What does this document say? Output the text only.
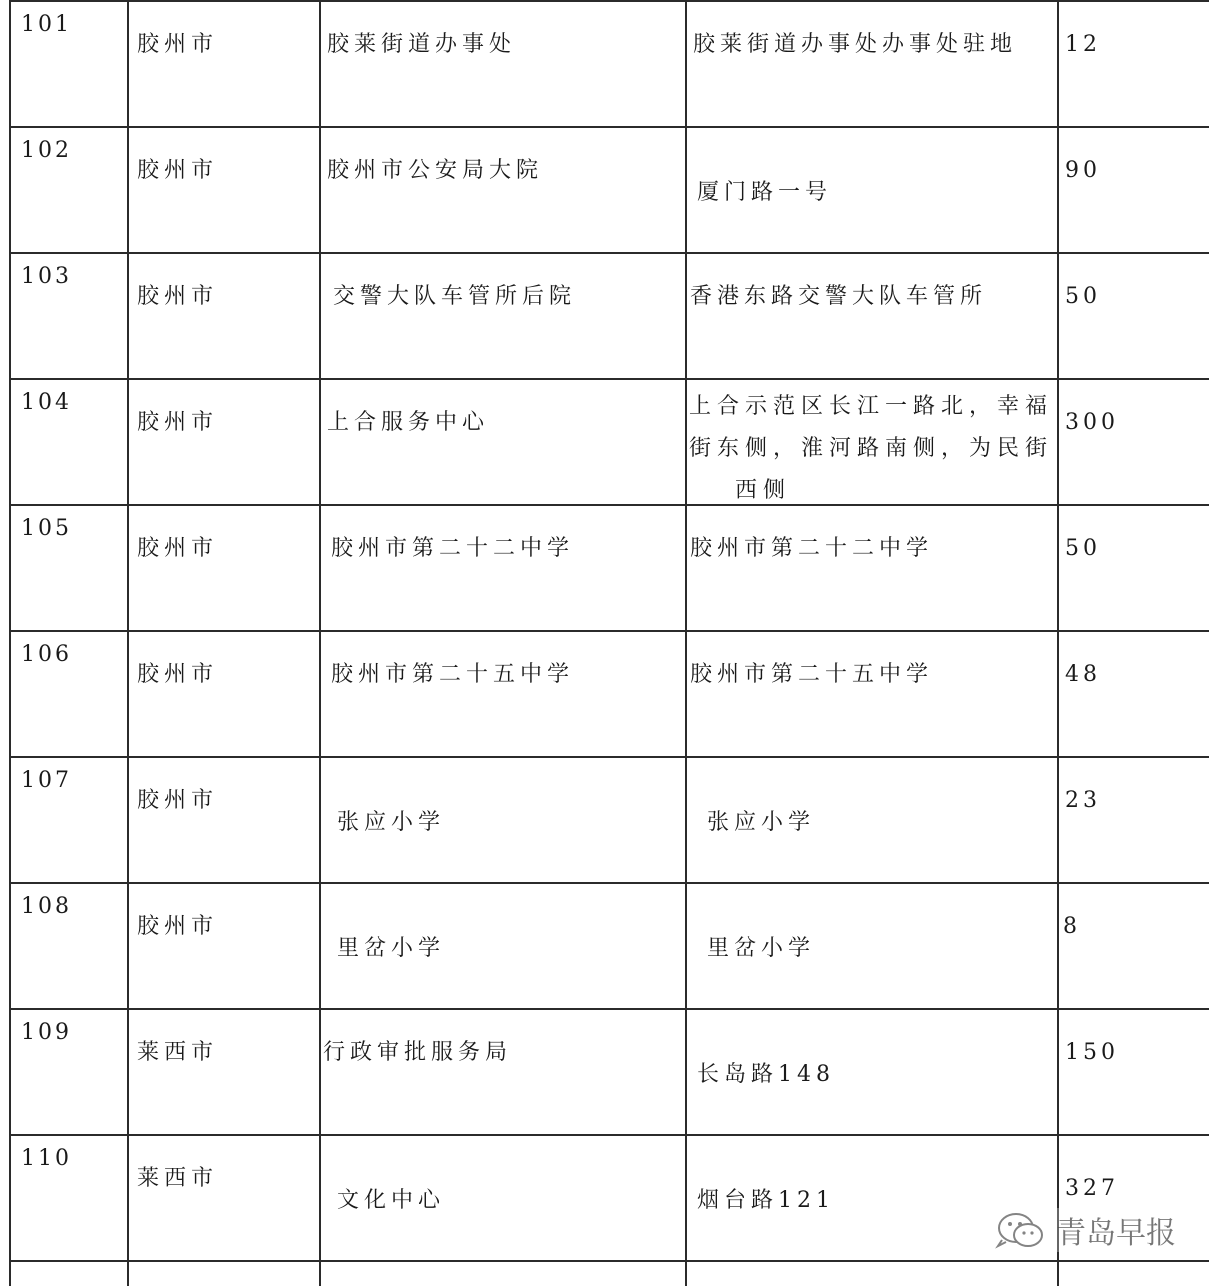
101	胶州市	胶莱街道办事处	胶莱街道办事处办事处驻地	12

102	胶州市	胶州市公安局大院	厦门路一号	90

103	胶州市	交警大队车管所后院	香港东路交警大队车管所	50

104	胶州市	上合服务中心	上合示范区长江一路北，幸福
街东侧，淮河路南侧，为民街
西侧	300

105	胶州市	胶州市第二十二中学	胶州市第二十二中学	50

106	胶州市	胶州市第二十五中学	胶州市第二十五中学	48

107	胶州市	张应小学	张应小学	23

108	胶州市	里岔小学	里岔小学	8

109	莱西市	行政审批服务局	长岛路148	150

110	莱西市	文化中心	烟台路121	327

青岛早报
